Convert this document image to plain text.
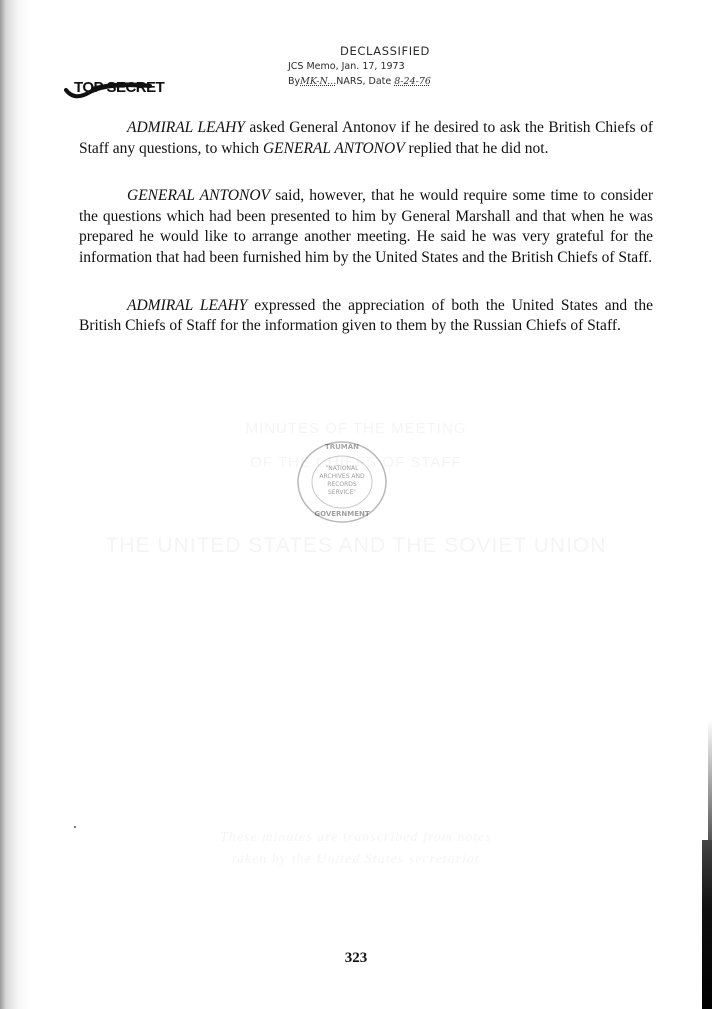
DECLASSIFIED
JCS Memo, Jan. 17, 1973
ByMK-N...NARS, Date 8-24-76
TOP SECRET

ADMIRAL LEAHY asked General Antonov if he desired to ask the British Chiefs of Staff any questions, to which GENERAL ANTONOV replied that he did not.

GENERAL ANTONOV said, however, that he would require some time to consider the questions which had been presented to him by General Marshall and that when he was prepared he would like to arrange another meeting. He said he was very grateful for the information that had been furnished him by the United States and the British Chiefs of Staff.

ADMIRAL LEAHY expressed the appreciation of both the United States and the British Chiefs of Staff for the information given to them by the Russian Chiefs of Staff.

"NATIONAL
ARCHIVES AND
RECORDS
SERVICE"
GOVERNMENT
TRUMAN
323
